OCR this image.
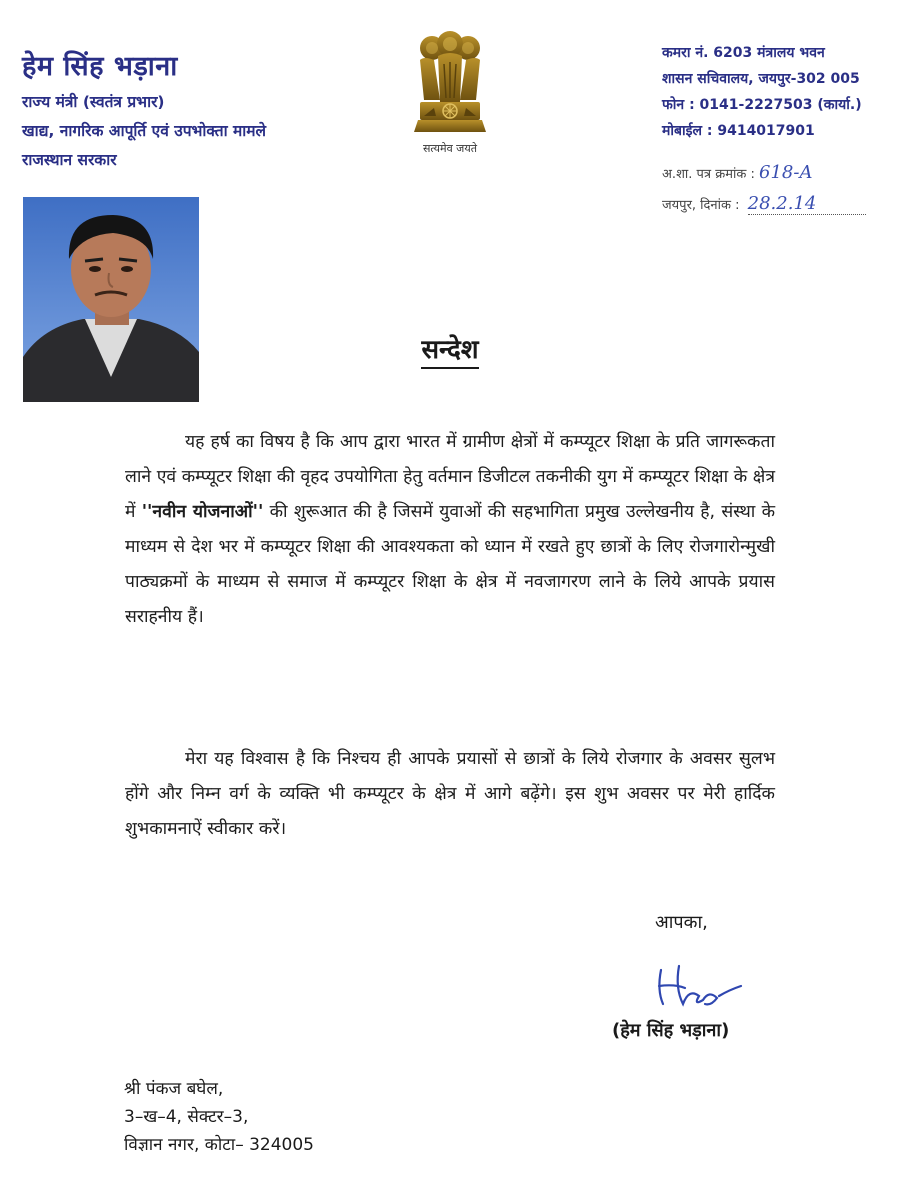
हेम सिंह भड़ाना
राज्य मंत्री (स्वतंत्र प्रभार)
खाद्य, नागरिक आपूर्ति एवं उपभोक्ता मामले
राजस्थान सरकार
सत्यमेव जयते
कमरा नं. 6203 मंत्रालय भवन
शासन सचिवालय, जयपुर-302 005
फोन : 0141-2227503 (कार्या.)
मोबाईल : 9414017901
अ.शा. पत्र क्रमांक : 618-A
जयपुर, दिनांक : 28.2.14
सन्देश
यह हर्ष का विषय है कि आप द्वारा भारत में ग्रामीण क्षेत्रों में कम्प्यूटर शिक्षा के प्रति जागरूकता लाने एवं कम्प्यूटर शिक्षा की वृहद उपयोगिता हेतु वर्तमान डिजीटल तकनीकी युग में कम्प्यूटर शिक्षा के क्षेत्र में ''नवीन योजनाओं'' की शुरूआत की है जिसमें युवाओं की सहभागिता प्रमुख उल्लेखनीय है, संस्था के माध्यम से देश भर में कम्प्यूटर शिक्षा की आवश्यकता को ध्यान में रखते हुए छात्रों के लिए रोजगारोन्मुखी पाठ्यक्रमों के माध्यम से समाज में कम्प्यूटर शिक्षा के क्षेत्र में नवजागरण लाने के लिये आपके प्रयास सराहनीय हैं।
मेरा यह विश्वास है कि निश्चय ही आपके प्रयासों से छात्रों के लिये रोजगार के अवसर सुलभ होंगे और निम्न वर्ग के व्यक्ति भी कम्प्यूटर के क्षेत्र में आगे बढ़ेंगे। इस शुभ अवसर पर मेरी हार्दिक शुभकामनाऐं स्वीकार करें।
आपका,
(हेम सिंह भड़ाना)
श्री पंकज बघेल,
3–ख–4, सेक्टर–3,
विज्ञान नगर, कोटा– 324005
